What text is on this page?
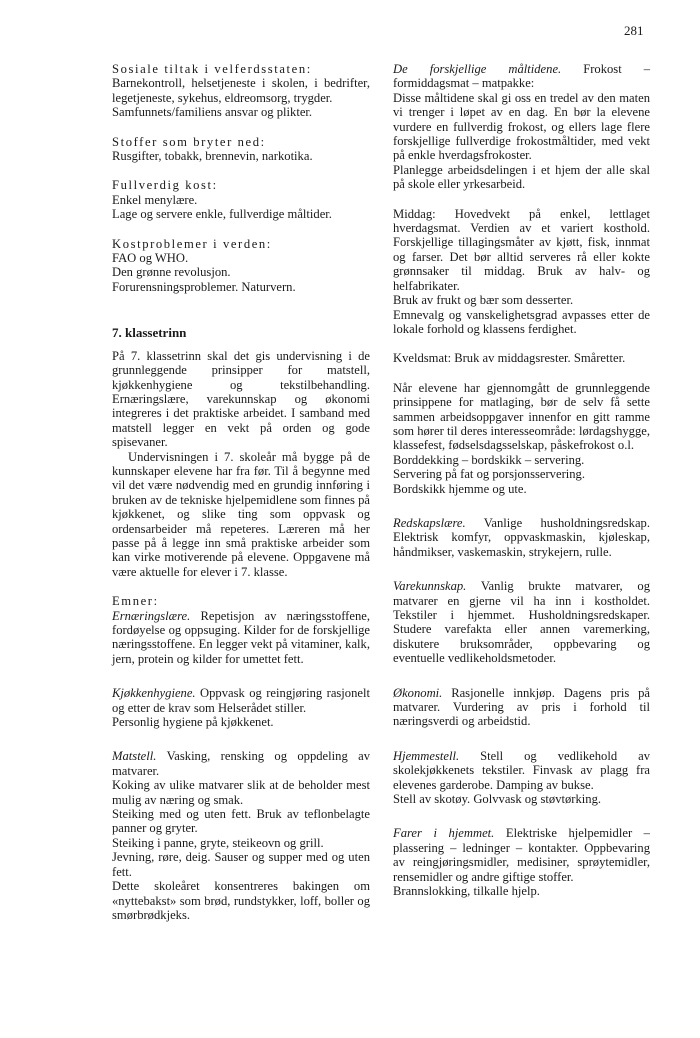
281

Sosiale tiltak i velferdsstaten:

Barnekontroll, helsetjeneste i skolen, i bedrifter, legetjeneste, sykehus, eldreomsorg, trygder.

Samfunnets/familiens ansvar og plikter.

Stoffer som bryter ned:

Rusgifter, tobakk, brennevin, narkotika.

Fullverdig kost:

Enkel menylære.

Lage og servere enkle, fullverdige måltider.

Kostproblemer i verden:

FAO og WHO.

Den grønne revolusjon.

Forurensningsproblemer. Naturvern.

7. klassetrinn

På 7. klassetrinn skal det gis undervisning i de grunnleggende prinsipper for matstell, kjøkkenhygiene og tekstilbehandling. Ernæringslære, varekunnskap og økonomi integreres i det praktiske arbeidet. I samband med matstell legger en vekt på orden og gode spisevaner.

Undervisningen i 7. skoleår må bygge på de kunnskaper elevene har fra før. Til å begynne med vil det være nødvendig med en grundig innføring i bruken av de tekniske hjelpemidlene som finnes på kjøkkenet, og slike ting som oppvask og ordensarbeider må repeteres. Læreren må her passe på å legge inn små praktiske arbeider som kan virke motiverende på elevene. Oppgavene må være aktuelle for elever i 7. klasse.

Emner:

Ernæringslære. Repetisjon av næringsstoffene, fordøyelse og oppsuging. Kilder for de forskjellige næringsstoffene. En legger vekt på vitaminer, kalk, jern, protein og kilder for umettet fett.

Kjøkkenhygiene. Oppvask og reingjøring rasjonelt og etter de krav som Helserådet stiller.

Personlig hygiene på kjøkkenet.

Matstell. Vasking, rensking og oppdeling av matvarer.

Koking av ulike matvarer slik at de beholder mest mulig av næring og smak.

Steiking med og uten fett. Bruk av teflonbelagte panner og gryter.

Steiking i panne, gryte, steikeovn og grill.

Jevning, røre, deig. Sauser og supper med og uten fett.

Dette skoleåret konsentreres bakingen om «nyttebakst» som brød, rundstykker, loff, boller og smørbrødkjeks.

De forskjellige måltidene. Frokost – formiddagsmat – matpakke:

Disse måltidene skal gi oss en tredel av den maten vi trenger i løpet av en dag. En bør la elevene vurdere en fullverdig frokost, og ellers lage flere forskjellige fullverdige frokostmåltider, med vekt på enkle hverdagsfrokoster.

Planlegge arbeidsdelingen i et hjem der alle skal på skole eller yrkesarbeid.

Middag: Hovedvekt på enkel, lettlaget hverdagsmat. Verdien av et variert kosthold. Forskjellige tillagingsmåter av kjøtt, fisk, innmat og farser. Det bør alltid serveres rå eller kokte grønnsaker til middag. Bruk av halv- og helfabrikater.

Bruk av frukt og bær som desserter.

Emnevalg og vanskelighetsgrad avpasses etter de lokale forhold og klassens ferdighet.

Kveldsmat: Bruk av middagsrester. Småretter.

Når elevene har gjennomgått de grunnleggende prinsippene for matlaging, bør de selv få sette sammen arbeidsoppgaver innenfor en gitt ramme som hører til deres interesseområde: lørdagshygge, klassefest, fødselsdagsselskap, påskefrokost o.l.

Borddekking – bordskikk – servering.

Servering på fat og porsjonsservering.

Bordskikk hjemme og ute.

Redskapslære. Vanlige husholdningsredskap. Elektrisk komfyr, oppvaskmaskin, kjøleskap, håndmikser, vaskemaskin, strykejern, rulle.

Varekunnskap. Vanlig brukte matvarer, og matvarer en gjerne vil ha inn i kostholdet. Tekstiler i hjemmet. Husholdningsredskaper. Studere varefakta eller annen varemerking, diskutere bruksområder, oppbevaring og eventuelle vedlikeholdsmetoder.

Økonomi. Rasjonelle innkjøp. Dagens pris på matvarer. Vurdering av pris i forhold til næringsverdi og arbeidstid.

Hjemmestell. Stell og vedlikehold av skolekjøkkenets tekstiler. Finvask av plagg fra elevenes garderobe. Damping av bukse.

Stell av skotøy. Golvvask og støvtørking.

Farer i hjemmet. Elektriske hjelpemidler – plassering – ledninger – kontakter. Oppbevaring av reingjøringsmidler, medisiner, sprøytemidler, rensemidler og andre giftige stoffer.

Brannslokking, tilkalle hjelp.
